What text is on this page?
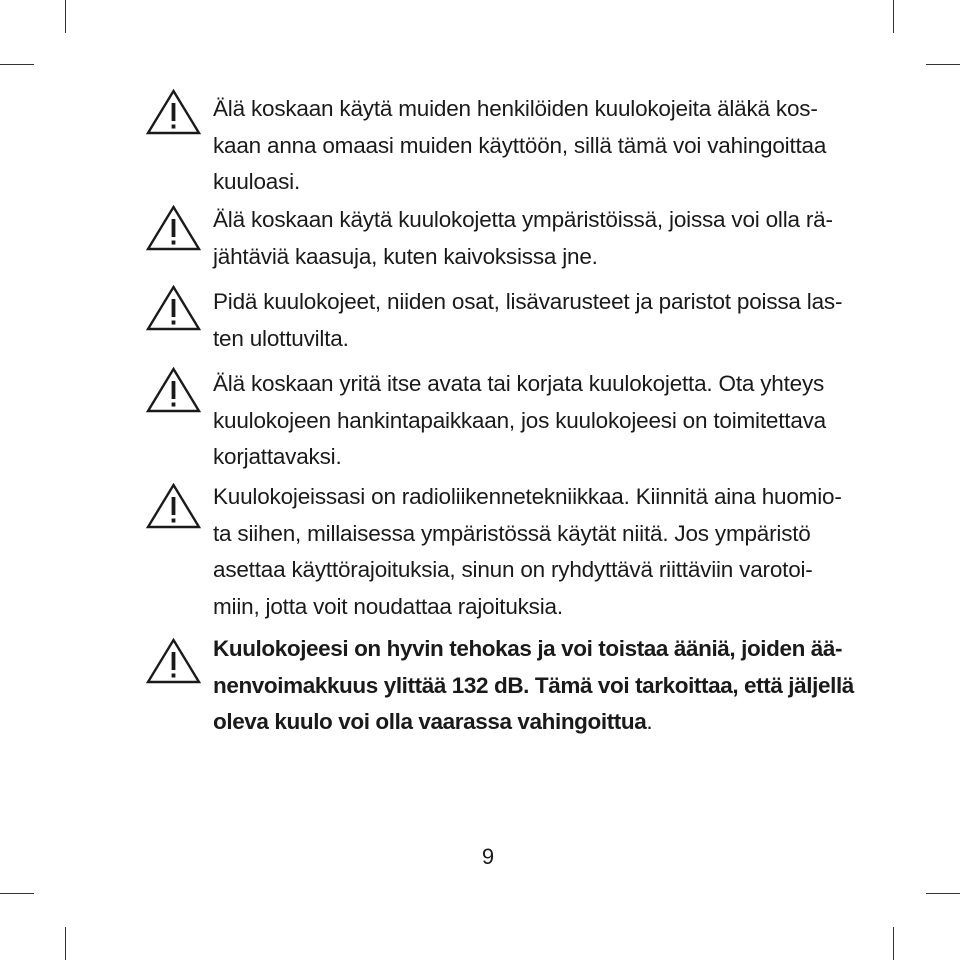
Älä koskaan käytä muiden henkilöiden kuulokojeita äläkä kos-
kaan anna omaasi muiden käyttöön, sillä tämä voi vahingoittaa
kuuloasi.

Älä koskaan käytä kuulokojetta ympäristöissä, joissa voi olla rä-
jähtäviä kaasuja, kuten kaivoksissa jne.

Pidä kuulokojeet, niiden osat, lisävarusteet ja paristot poissa las-
ten ulottuvilta.

Älä koskaan yritä itse avata tai korjata kuulokojetta. Ota yhteys
kuulokojeen hankintapaikkaan, jos kuulokojeesi on toimitettava
korjattavaksi.

Kuulokojeissasi on radioliikennetekniikkaa. Kiinnitä aina huomio-
ta siihen, millaisessa ympäristössä käytät niitä. Jos ympäristö
asettaa käyttörajoituksia, sinun on ryhdyttävä riittäviin varotoi-
miin, jotta voit noudattaa rajoituksia.

Kuulokojeesi on hyvin tehokas ja voi toistaa ääniä, joiden ää-
nenvoimakkuus ylittää 132 dB. Tämä voi tarkoittaa, että jäljellä
oleva kuulo voi olla vaarassa vahingoittua.

9
